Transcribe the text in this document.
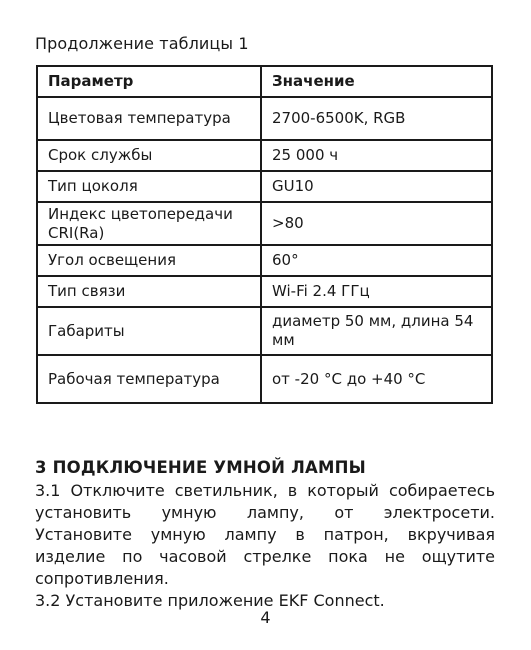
Продолжение таблицы 1
Параметр	Значение
Цветовая температура	2700-6500K, RGB
Срок службы	25 000 ч
Тип цоколя	GU10
Индекс цветопередачи CRI(Ra)	>80
Угол освещения	60°
Тип связи	Wi-Fi 2.4 ГГц
Габариты	диаметр 50 мм, длина 54 мм
Рабочая температура	от -20 °С до +40 °С
3 ПОДКЛЮЧЕНИЕ УМНОЙ ЛАМПЫ

3.1 Отключите светильник, в который собираетесь установить умную лампу, от электросети. Установите умную лампу в патрон, вкручивая изделие по часовой стрелке пока не ощутите сопротивления.

3.2 Установите приложение EKF Connect.

4
